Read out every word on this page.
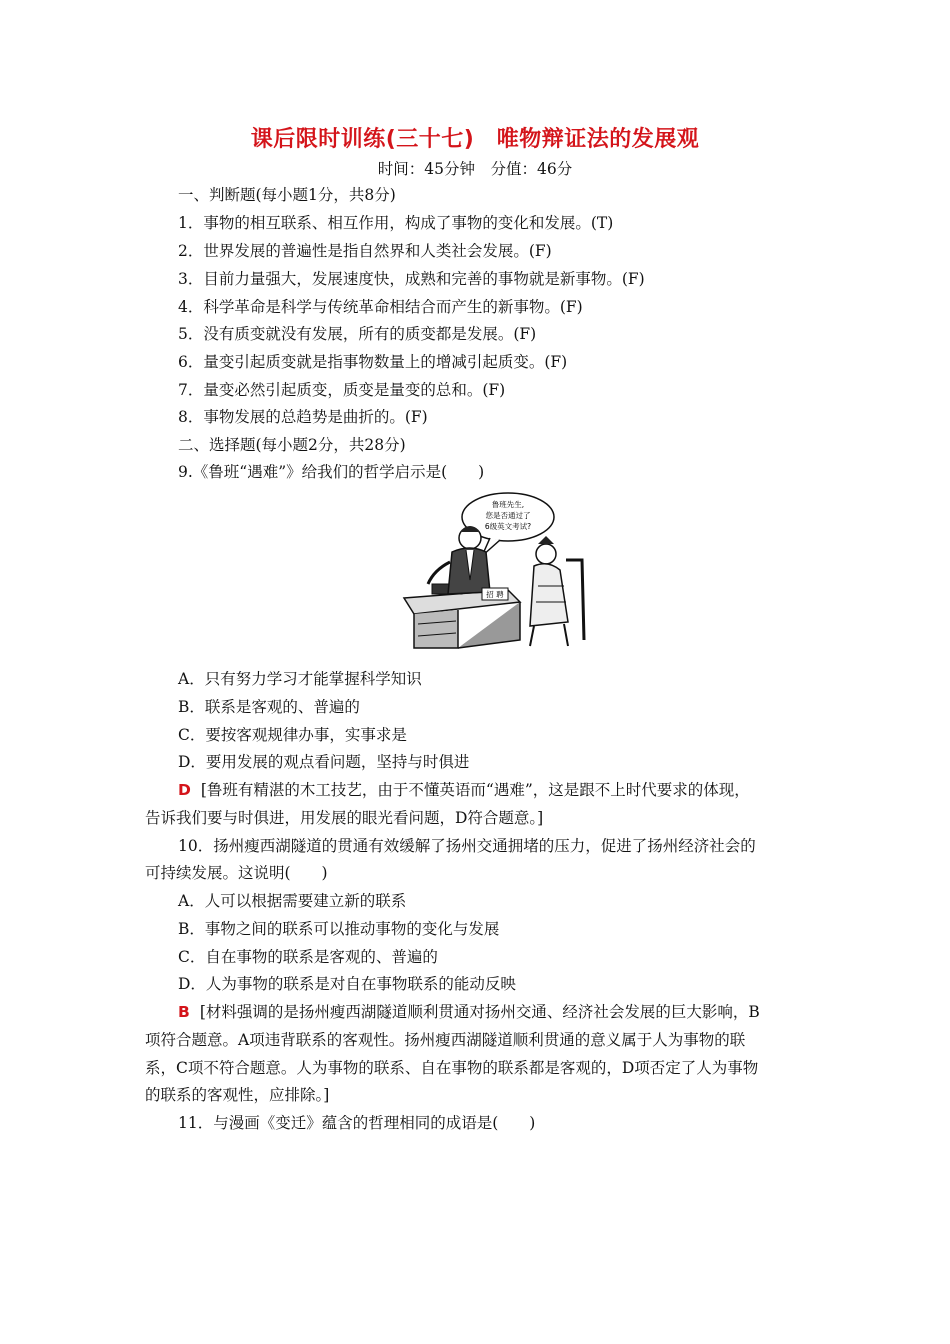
课后限时训练(三十七)　唯物辩证法的发展观
时间：45分钟　分值：46分
一、判断题(每小题1分，共8分)
1．事物的相互联系、相互作用，构成了事物的变化和发展。(T)
2．世界发展的普遍性是指自然界和人类社会发展。(F)
3．目前力量强大，发展速度快，成熟和完善的事物就是新事物。(F)
4．科学革命是科学与传统革命相结合而产生的新事物。(F)
5．没有质变就没有发展，所有的质变都是发展。(F)
6．量变引起质变就是指事物数量上的增减引起质变。(F)
7．量变必然引起质变，质变是量变的总和。(F)
8．事物发展的总趋势是曲折的。(F)
二、选择题(每小题2分，共28分)
9.《鲁班“遇难”》给我们的哲学启示是(　　)
鲁班先生,
您是否通过了
6级英文考试?
招 聘
A．只有努力学习才能掌握科学知识
B．联系是客观的、普遍的
C．要按客观规律办事，实事求是
D．要用发展的观点看问题，坚持与时俱进
D [鲁班有精湛的木工技艺，由于不懂英语而“遇难”，这是跟不上时代要求的体现，
告诉我们要与时俱进，用发展的眼光看问题，D符合题意。]
10．扬州瘦西湖隧道的贯通有效缓解了扬州交通拥堵的压力，促进了扬州经济社会的
可持续发展。这说明(　　)
A．人可以根据需要建立新的联系
B．事物之间的联系可以推动事物的变化与发展
C．自在事物的联系是客观的、普遍的
D．人为事物的联系是对自在事物联系的能动反映
B [材料强调的是扬州瘦西湖隧道顺利贯通对扬州交通、经济社会发展的巨大影响，B
项符合题意。A项违背联系的客观性。扬州瘦西湖隧道顺利贯通的意义属于人为事物的联
系，C项不符合题意。人为事物的联系、自在事物的联系都是客观的，D项否定了人为事物
的联系的客观性，应排除。]
11．与漫画《变迁》蕴含的哲理相同的成语是(　　)
